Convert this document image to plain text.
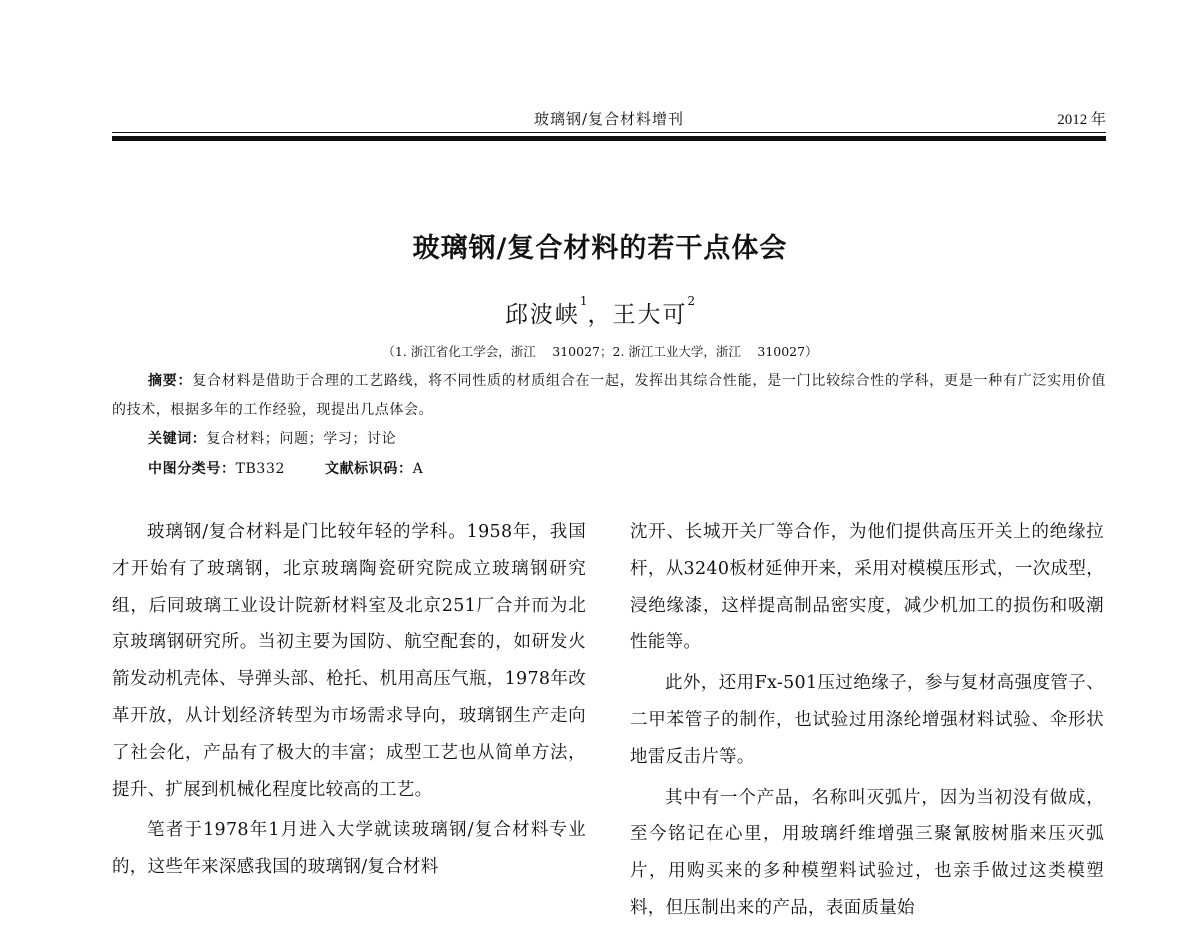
玻璃钢/复合材料增刊	2012 年
玻璃钢/复合材料的若干点体会
邱波峡$^1$，王大可$^2$
（1. 浙江省化工学会，浙江　 310027；2. 浙江工业大学，浙江　 310027）
摘要：复合材料是借助于合理的工艺路线，将不同性质的材质组合在一起，发挥出其综合性能，是一门比较综合性的学科，更是一种有广泛实用价值的技术，根据多年的工作经验，现提出几点体会。
关键词：复合材料；问题；学习；讨论
中图分类号：TB332	文献标识码：A

玻璃钢/复合材料是门比较年轻的学科。1958年，我国才开始有了玻璃钢，北京玻璃陶瓷研究院成立玻璃钢研究组，后同玻璃工业设计院新材料室及北京251厂合并而为北京玻璃钢研究所。当初主要为国防、航空配套的，如研发火箭发动机壳体、导弹头部、枪托、机用高压气瓶，1978年改革开放，从计划经济转型为市场需求导向，玻璃钢生产走向了社会化，产品有了极大的丰富；成型工艺也从简单方法，提升、扩展到机械化程度比较高的工艺。

笔者于1978年1月进入大学就读玻璃钢/复合材料专业的，这些年来深感我国的玻璃钢/复合材料

沈开、长城开关厂等合作，为他们提供高压开关上的绝缘拉杆，从3240板材延伸开来，采用对模模压形式，一次成型，浸绝缘漆，这样提高制品密实度，减少机加工的损伤和吸潮性能等。

此外，还用Fx-501压过绝缘子，参与复材高强度管子、二甲苯管子的制作，也试验过用涤纶增强材料试验、伞形状地雷反击片等。

其中有一个产品，名称叫灭弧片，因为当初没有做成，至今铭记在心里，用玻璃纤维增强三聚氰胺树脂来压灭弧片，用购买来的多种模塑料试验过，也亲手做过这类模塑料，但压制出来的产品，表面质量始
